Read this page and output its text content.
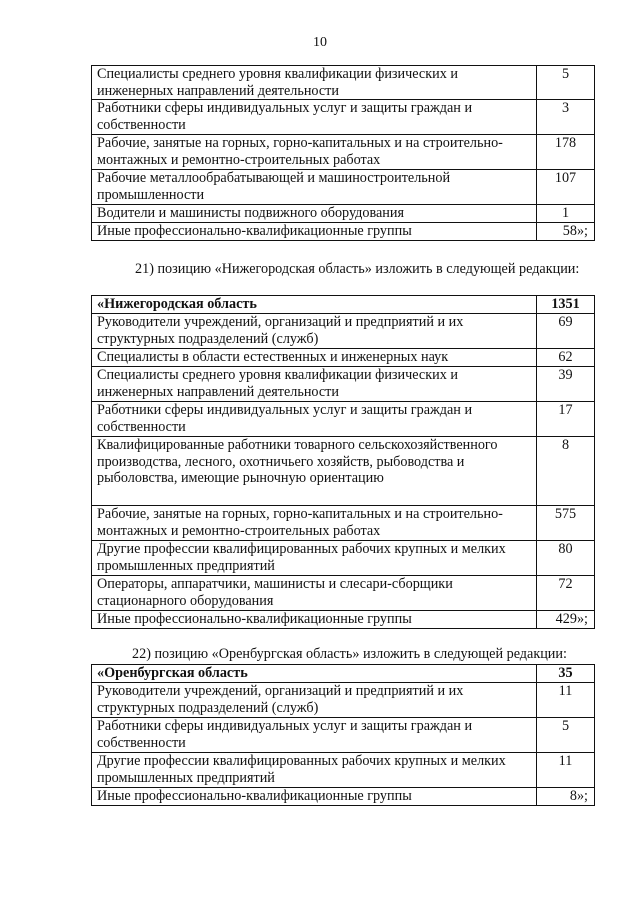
10
Специалисты среднего уровня квалификации физических и инженерных направлений деятельности	5
Работники сферы индивидуальных услуг и защиты граждан и собственности	3
Рабочие, занятые на горных, горно-капитальных и на строительно-монтажных и ремонтно-строительных работах	178
Рабочие металлообрабатывающей и машиностроительной промышленности	107
Водители и машинисты подвижного оборудования	1
Иные профессионально-квалификационные группы	58»;
21) позицию «Нижегородская область» изложить в следующей редакции:
«Нижегородская область	1351
Руководители учреждений, организаций и предприятий и их структурных подразделений (служб)	69
Специалисты в области естественных и инженерных наук	62
Специалисты среднего уровня квалификации физических и инженерных направлений деятельности	39
Работники сферы индивидуальных услуг и защиты граждан и собственности	17
Квалифицированные работники товарного сельскохозяйственного производства, лесного, охотничьего хозяйств, рыбоводства и рыболовства, имеющие рыночную ориентацию	8
Рабочие, занятые на горных, горно-капитальных и на строительно-монтажных и ремонтно-строительных работах	575
Другие профессии квалифицированных рабочих крупных и мелких промышленных предприятий	80
Операторы, аппаратчики, машинисты и слесари-сборщики стационарного оборудования	72
Иные профессионально-квалификационные группы	429»;
22) позицию «Оренбургская область» изложить в следующей редакции:
«Оренбургская область	35
Руководители учреждений, организаций и предприятий и их структурных подразделений (служб)	11
Работники сферы индивидуальных услуг и защиты граждан и собственности	5
Другие профессии квалифицированных рабочих крупных и мелких промышленных предприятий	11
Иные профессионально-квалификационные группы	8»;
